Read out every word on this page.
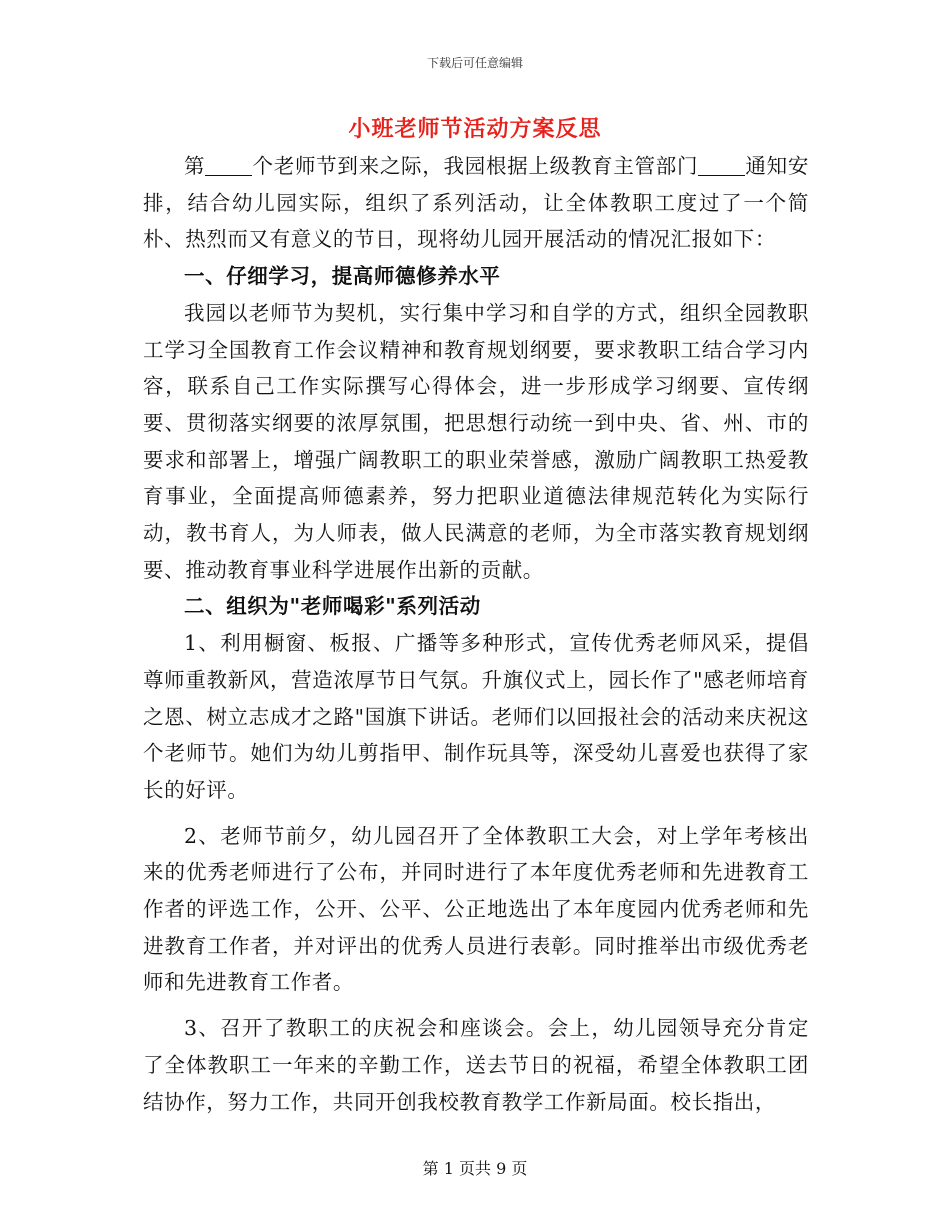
下载后可任意编辑
小班老师节活动方案反思

第 个老师节到来之际，我园根据上级教育主管部门 通知安排，结合幼儿园实际，组织了系列活动，让全体教职工度过了一个简朴、热烈而又有意义的节日，现将幼儿园开展活动的情况汇报如下：

一、仔细学习，提高师德修养水平

我园以老师节为契机，实行集中学习和自学的方式，组织全园教职工学习全国教育工作会议精神和教育规划纲要，要求教职工结合学习内容，联系自己工作实际撰写心得体会，进一步形成学习纲要、宣传纲要、贯彻落实纲要的浓厚氛围，把思想行动统一到中央、省、州、市的要求和部署上，增强广阔教职工的职业荣誉感，激励广阔教职工热爱教育事业，全面提高师德素养，努力把职业道德法律规范转化为实际行动，教书育人，为人师表，做人民满意的老师，为全市落实教育规划纲要、推动教育事业科学进展作出新的贡献。

二、组织为"老师喝彩"系列活动

1、利用橱窗、板报、广播等多种形式，宣传优秀老师风采，提倡尊师重教新风，营造浓厚节日气氛。升旗仪式上，园长作了"感老师培育之恩、树立志成才之路"国旗下讲话。老师们以回报社会的活动来庆祝这个老师节。她们为幼儿剪指甲、制作玩具等，深受幼儿喜爱也获得了家长的好评。

2、老师节前夕，幼儿园召开了全体教职工大会，对上学年考核出来的优秀老师进行了公布，并同时进行了本年度优秀老师和先进教育工作者的评选工作，公开、公平、公正地选出了本年度园内优秀老师和先进教育工作者，并对评出的优秀人员进行表彰。同时推举出市级优秀老师和先进教育工作者。

3、召开了教职工的庆祝会和座谈会。会上，幼儿园领导充分肯定了全体教职工一年来的辛勤工作，送去节日的祝福，希望全体教职工团结协作，努力工作，共同开创我校教育教学工作新局面。校长指出，

第 1 页共 9 页
